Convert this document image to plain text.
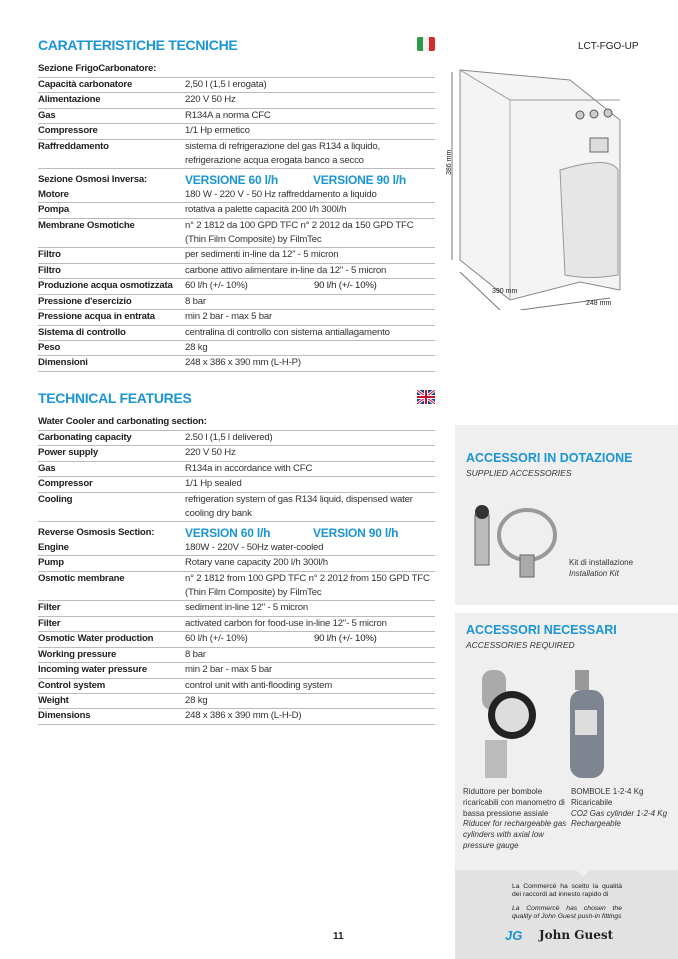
CARATTERISTICHE TECNICHE
Sezione FrigoCarbonatore:
Capacità carbonatore	2,50 l (1,5 l erogata)
Alimentazione	220 V 50 Hz
Gas	R134A a norma CFC
Compressore	1/1 Hp ermetico
Raffreddamento	sistema di refrigerazione del gas R134 a liquido, refrigerazione acqua erogata banco a secco
Sezione Osmosi Inversa:	VERSIONE 60 l/h	VERSIONE 90 l/h
Motore	180 W - 220 V - 50 Hz raffreddamento a liquido
Pompa	rotativa a palette capacità 200 l/h 300l/h
Membrane Osmotiche	n° 2 1812 da 100 GPD TFC n° 2 2012 da 150 GPD TFC (Thin Film Composite) by FilmTec
Filtro	per sedimenti in-line da 12" - 5 micron
Filtro	carbone attivo alimentare in-line da 12" - 5 micron
Produzione acqua osmotizzata	60 l/h (+/- 10%)	90 l/h (+/- 10%)
Pressione d'esercizio	8 bar
Pressione acqua in entrata	min 2 bar - max 5 bar
Sistema di controllo	centralina di controllo con sistema antiallagamento
Peso	28 kg
Dimensioni	248 x 386 x 390 mm (L-H-P)
TECHNICAL FEATURES
Water Cooler and carbonating section:
Carbonating capacity	2.50 l (1,5 l delivered)
Power supply	220 V 50 Hz
Gas	R134a in accordance with CFC
Compressor	1/1 Hp sealed
Cooling	refrigeration system of gas R134 liquid, dispensed water cooling dry bank
Reverse Osmosis Section:	VERSION 60 l/h	VERSION 90 l/h
Engine	180W - 220V - 50Hz water-cooled
Pump	Rotary vane capacity 200 l/h 300l/h
Osmotic membrane	n° 2 1812 from 100 GPD TFC n° 2 2012 from 150 GPD TFC (Thin Film Composite) by FilmTec
Filter	sediment in-line 12" - 5 micron
Filter	activated carbon for food-use in-line 12"- 5 micron
Osmotic Water production	60 l/h (+/- 10%)	90 l/h (+/- 10%)
Working pressure	8 bar
Incoming water pressure	min 2 bar - max 5 bar
Control system	control unit with anti-flooding system
Weight	28 kg
Dimensions	248 x 386 x 390 mm (L-H-D)
LCT-FGO-UP
386 mm
390 mm
248 mm
ACCESSORI IN DOTAZIONE
SUPPLIED ACCESSORIES
Kit di installazione
Installation Kit
ACCESSORI NECESSARI
ACCESSORIES REQUIRED
Riduttore per bombole ricaricabili con manometro di bassa pressione assiale
Riducer for rechargeable gas cylinders with axial low pressure gauge
BOMBOLE 1-2-4 Kg Ricaricabile
CO2 Gas cylinder 1-2-4 Kg Rechargeable
La Commercè ha scelto la qualità dei raccordi ad innesto rapido di
La Commercè has chosen the quality of John Guest push-in fittings
JG John Guest
11
